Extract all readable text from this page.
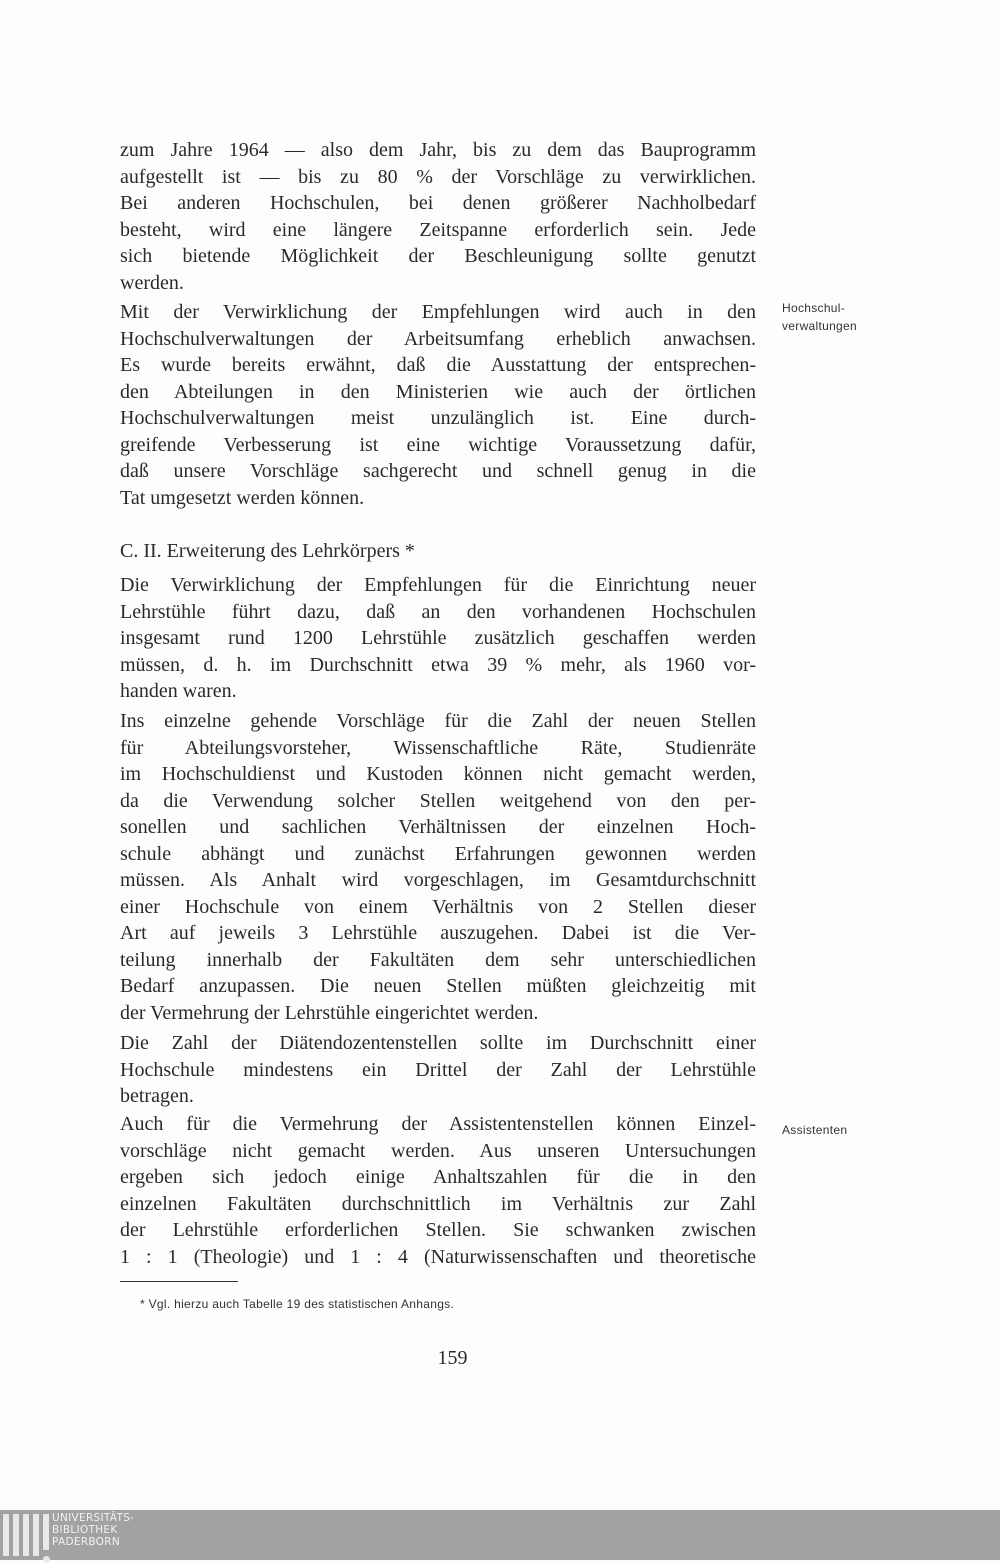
zum Jahre 1964 — also dem Jahr, bis zu dem das Bauprogramm
aufgestellt ist — bis zu 80 % der Vorschläge zu verwirklichen.
Bei anderen Hochschulen, bei denen größerer Nachholbedarf
besteht, wird eine längere Zeitspanne erforderlich sein. Jede
sich bietende Möglichkeit der Beschleunigung sollte genutzt
werden.
Mit der Verwirklichung der Empfehlungen wird auch in den
Hochschulverwaltungen der Arbeitsumfang erheblich anwachsen.
Es wurde bereits erwähnt, daß die Ausstattung der entsprechen-
den Abteilungen in den Ministerien wie auch der örtlichen
Hochschulverwaltungen meist unzulänglich ist. Eine durch-
greifende Verbesserung ist eine wichtige Voraussetzung dafür,
daß unsere Vorschläge sachgerecht und schnell genug in die
Tat umgesetzt werden können.
C. II. Erweiterung des Lehrkörpers *
Die Verwirklichung der Empfehlungen für die Einrichtung neuer
Lehrstühle führt dazu, daß an den vorhandenen Hochschulen
insgesamt rund 1200 Lehrstühle zusätzlich geschaffen werden
müssen, d. h. im Durchschnitt etwa 39 % mehr, als 1960 vor-
handen waren.
Ins einzelne gehende Vorschläge für die Zahl der neuen Stellen
für Abteilungsvorsteher, Wissenschaftliche Räte, Studienräte
im Hochschuldienst und Kustoden können nicht gemacht werden,
da die Verwendung solcher Stellen weitgehend von den per-
sonellen und sachlichen Verhältnissen der einzelnen Hoch-
schule abhängt und zunächst Erfahrungen gewonnen werden
müssen. Als Anhalt wird vorgeschlagen, im Gesamtdurchschnitt
einer Hochschule von einem Verhältnis von 2 Stellen dieser
Art auf jeweils 3 Lehrstühle auszugehen. Dabei ist die Ver-
teilung innerhalb der Fakultäten dem sehr unterschiedlichen
Bedarf anzupassen. Die neuen Stellen müßten gleichzeitig mit
der Vermehrung der Lehrstühle eingerichtet werden.
Die Zahl der Diätendozentenstellen sollte im Durchschnitt einer
Hochschule mindestens ein Drittel der Zahl der Lehrstühle
betragen.
Auch für die Vermehrung der Assistentenstellen können Einzel-
vorschläge nicht gemacht werden. Aus unseren Untersuchungen
ergeben sich jedoch einige Anhaltszahlen für die in den
einzelnen Fakultäten durchschnittlich im Verhältnis zur Zahl
der Lehrstühle erforderlichen Stellen. Sie schwanken zwischen
1 : 1 (Theologie) und 1 : 4 (Naturwissenschaften und theoretische
Hochschul-
verwaltungen
Assistenten
* Vgl. hierzu auch Tabelle 19 des statistischen Anhangs.
159
UNIVERSITÄTS-
BIBLIOTHEK
PADERBORN
